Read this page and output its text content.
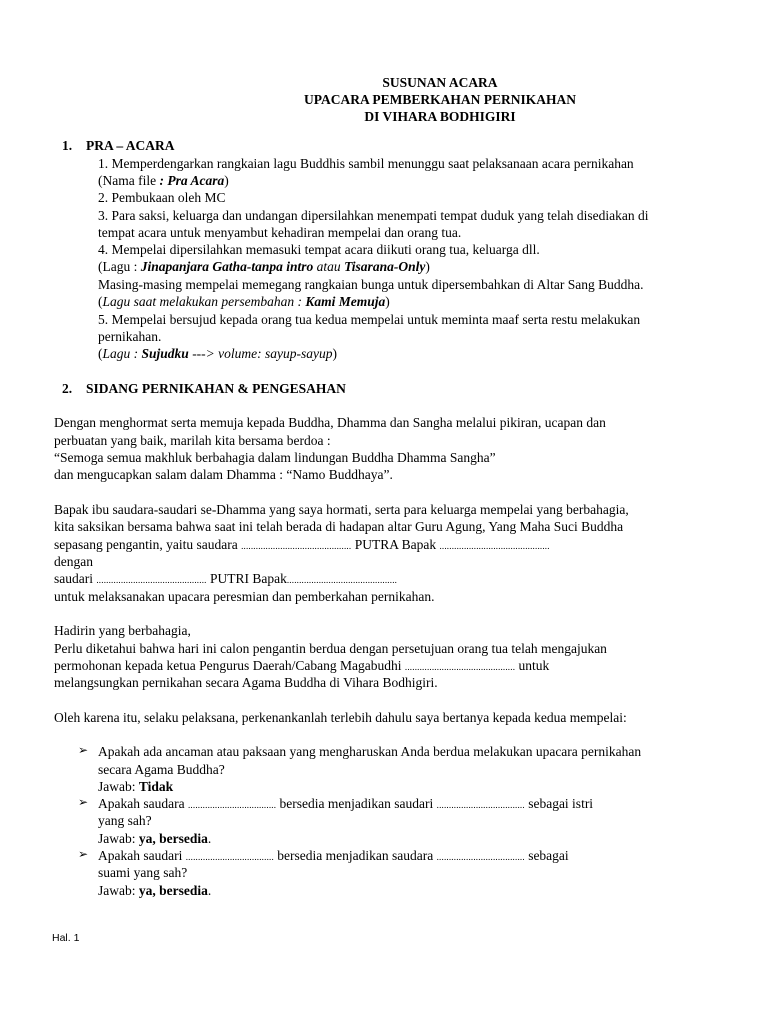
SUSUNAN ACARA
UPACARA PEMBERKAHAN PERNIKAHAN
DI VIHARA BODHIGIRI
1. PRA – ACARA
1. Memperdengarkan rangkaian lagu Buddhis sambil menunggu saat pelaksanaan acara pernikahan
(Nama file : Pra Acara)
2. Pembukaan oleh MC
3. Para saksi, keluarga dan undangan dipersilahkan menempati tempat duduk yang telah disediakan di
tempat acara untuk menyambut kehadiran mempelai dan orang tua.
4. Mempelai dipersilahkan memasuki tempat acara diikuti orang tua, keluarga dll.
(Lagu : Jinapanjara Gatha-tanpa intro atau Tisarana-Only)
Masing-masing mempelai memegang rangkaian bunga untuk dipersembahkan di Altar Sang Buddha.
(Lagu saat melakukan persembahan : Kami Memuja)
5. Mempelai bersujud kepada orang tua kedua mempelai untuk meminta maaf serta restu melakukan
pernikahan.
(Lagu : Sujudku ---> volume: sayup-sayup)
2. SIDANG PERNIKAHAN & PENGESAHAN
Dengan menghormat serta memuja kepada Buddha, Dhamma dan Sangha melalui pikiran, ucapan dan
perbuatan yang baik, marilah kita bersama berdoa :
“Semoga semua makhluk berbahagia dalam lindungan Buddha Dhamma Sangha”
dan mengucapkan salam dalam Dhamma : “Namo Buddhaya”.
Bapak ibu saudara-saudari se-Dhamma yang saya hormati, serta para keluarga mempelai yang berbahagia,
kita saksikan bersama bahwa saat ini telah berada di hadapan altar Guru Agung, Yang Maha Suci Buddha
sepasang pengantin, yaitu saudara ............................................. PUTRA Bapak .............................................
dengan
saudari ............................................. PUTRI Bapak.............................................
untuk melaksanakan upacara peresmian dan pemberkahan pernikahan.
Hadirin yang berbahagia,
Perlu diketahui bahwa hari ini calon pengantin berdua dengan persetujuan orang tua telah mengajukan
permohonan kepada ketua Pengurus Daerah/Cabang Magabudhi ............................................. untuk
melangsungkan pernikahan secara Agama Buddha di Vihara Bodhigiri.
Oleh karena itu, selaku pelaksana, perkenankanlah terlebih dahulu saya bertanya kepada kedua mempelai:
➢ Apakah ada ancaman atau paksaan yang mengharuskan Anda berdua melakukan upacara pernikahan
secara Agama Buddha?
Jawab: Tidak
➢ Apakah saudara .................................... bersedia menjadikan saudari .................................... sebagai istri
yang sah?
Jawab: ya, bersedia.
➢ Apakah saudari .................................... bersedia menjadikan saudara .................................... sebagai
suami yang sah?
Jawab: ya, bersedia.
Hal. 1
